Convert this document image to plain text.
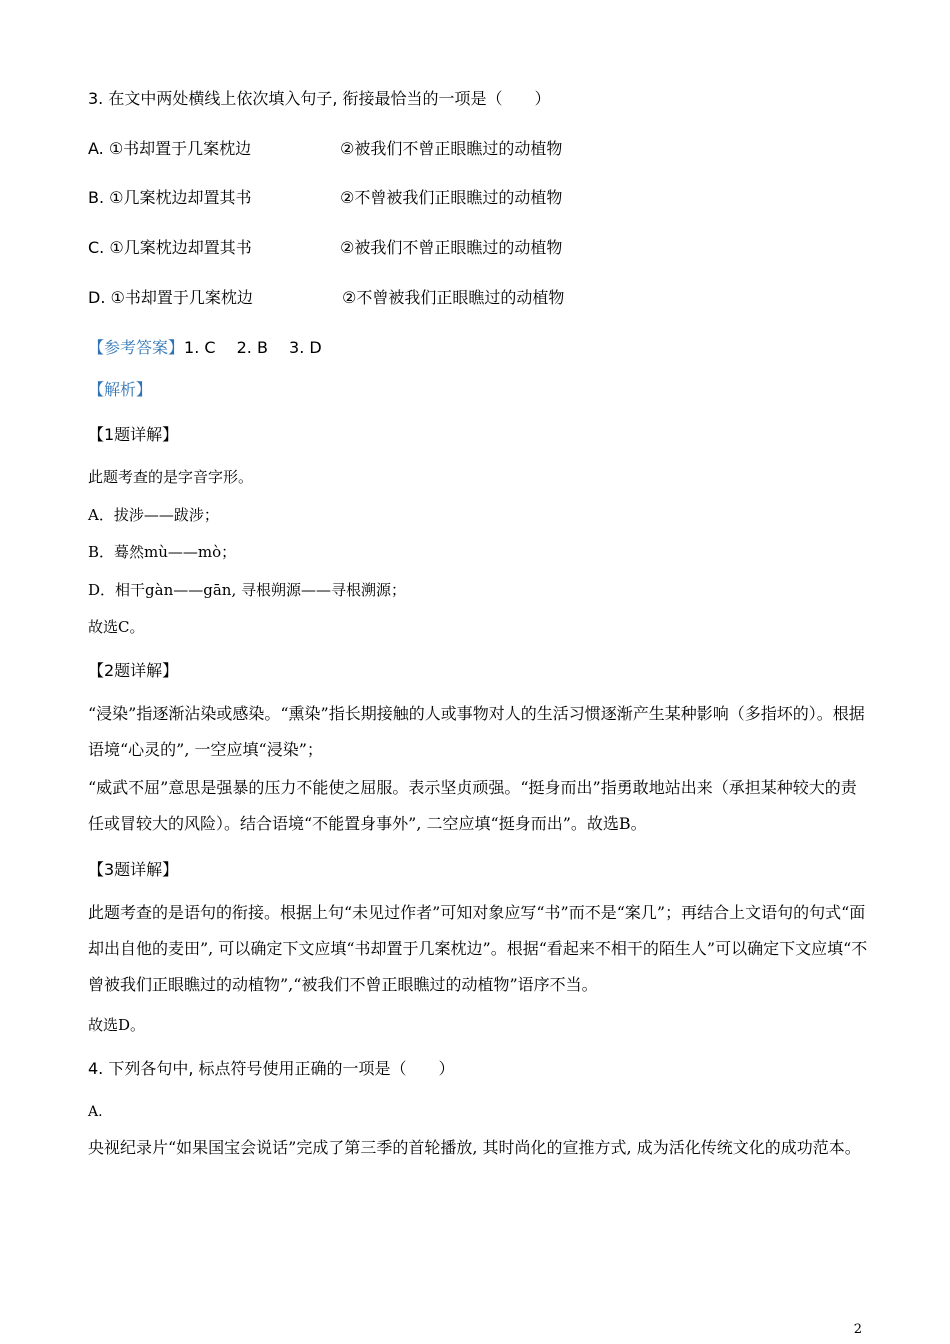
3. 在文中两处横线上依次填入句子, 衔接最恰当的一项是（　　）
A. ①书却置于几案枕边	②被我们不曾正眼瞧过的动植物
B. ①几案枕边却置其书	②不曾被我们正眼瞧过的动植物
C. ①几案枕边却置其书	②被我们不曾正眼瞧过的动植物
D. ①书却置于几案枕边	②不曾被我们正眼瞧过的动植物
【参考答案】1. C　 2. B　 3. D
【解析】
【1题详解】
此题考查的是字音字形。
A．拔涉——跋涉；
B．蓦然mù——mò；
D．相干gàn——gān, 寻根朔源——寻根溯源；
故选C。
【2题详解】
“浸染”指逐渐沾染或感染。“熏染”指长期接触的人或事物对人的生活习惯逐渐产生某种影响（多指坏的）。根据语境“心灵的”, 一空应填“浸染”；
“威武不屈”意思是强暴的压力不能使之屈服。表示坚贞顽强。“挺身而出”指勇敢地站出来（承担某种较大的责任或冒较大的风险）。结合语境“不能置身事外”, 二空应填“挺身而出”。故选B。
【3题详解】
此题考查的是语句的衔接。根据上句“未见过作者”可知对象应写“书”而不是“案几”；再结合上文语句的句式“面却出自他的麦田”, 可以确定下文应填“书却置于几案枕边”。根据“看起来不相干的陌生人”可以确定下文应填“不曾被我们正眼瞧过的动植物”,“被我们不曾正眼瞧过的动植物”语序不当。
故选D。
4. 下列各句中, 标点符号使用正确的一项是（　　）
A.
央视纪录片“如果国宝会说话”完成了第三季的首轮播放, 其时尚化的宣推方式, 成为活化传统文化的成功范本。
2
